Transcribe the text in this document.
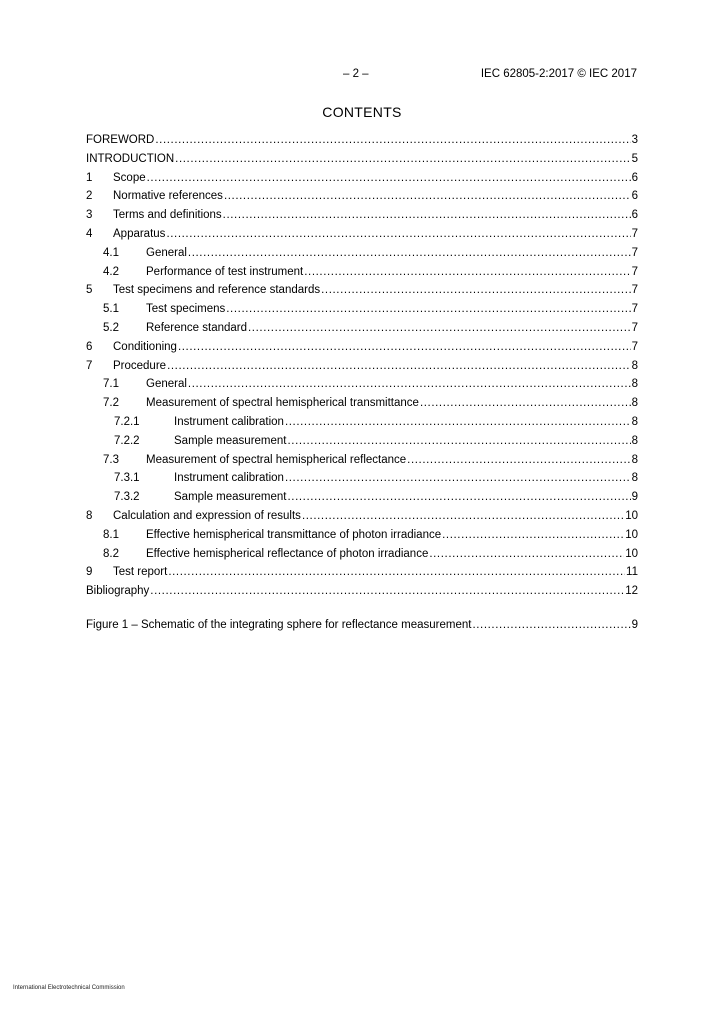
– 2 –	IEC 62805-2:2017 © IEC 2017
CONTENTS
FOREWORD .....	3
INTRODUCTION .....	5
1	Scope .....	6
2	Normative references .....	6
3	Terms and definitions .....	6
4	Apparatus .....	7
4.1	General .....	7
4.2	Performance of test instrument .....	7
5	Test specimens and reference standards .....	7
5.1	Test specimens .....	7
5.2	Reference standard .....	7
6	Conditioning .....	7
7	Procedure .....	8
7.1	General .....	8
7.2	Measurement of spectral hemispherical transmittance .....	8
7.2.1	Instrument calibration .....	8
7.2.2	Sample measurement .....	8
7.3	Measurement of spectral hemispherical reflectance .....	8
7.3.1	Instrument calibration .....	8
7.3.2	Sample measurement .....	9
8	Calculation and expression of results .....	10
8.1	Effective hemispherical transmittance of photon irradiance .....	10
8.2	Effective hemispherical reflectance of photon irradiance .....	10
9	Test report .....	11
Bibliography .....	12
Figure 1 – Schematic of the integrating sphere for reflectance measurement .....	9
International Electrotechnical Commission
